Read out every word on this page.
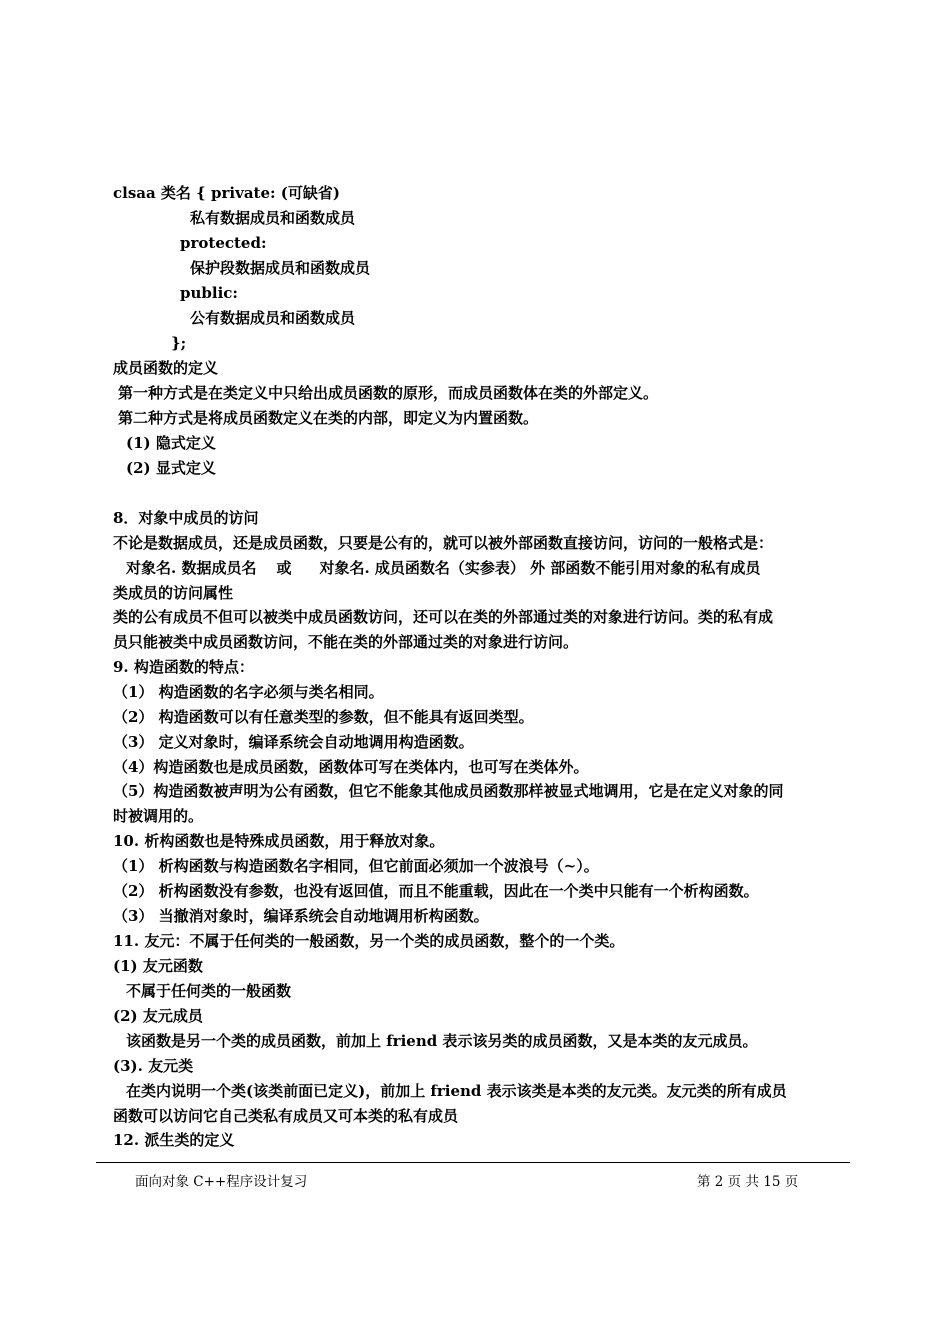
clsaa 类名 { private: (可缺省)
私有数据成员和函数成员
protected:
保护段数据成员和函数成员
public:
公有数据成员和函数成员
};
成员函数的定义
第一种方式是在类定义中只给出成员函数的原形，而成员函数体在类的外部定义。
第二种方式是将成员函数定义在类的内部，即定义为内置函数。
(1) 隐式定义
(2) 显式定义
8．对象中成员的访问
不论是数据成员，还是成员函数，只要是公有的，就可以被外部函数直接访问，访问的一般格式是：
对象名. 数据成员名 或 对象名. 成员函数名（实参表） 外 部函数不能引用对象的私有成员
类成员的访问属性
类的公有成员不但可以被类中成员函数访问，还可以在类的外部通过类的对象进行访问。类的私有成
员只能被类中成员函数访问，不能在类的外部通过类的对象进行访问。
9. 构造函数的特点：
（1） 构造函数的名字必须与类名相同。
（2） 构造函数可以有任意类型的参数，但不能具有返回类型。
（3） 定义对象时，编译系统会自动地调用构造函数。
（4）构造函数也是成员函数，函数体可写在类体内，也可写在类体外。
（5）构造函数被声明为公有函数，但它不能象其他成员函数那样被显式地调用，它是在定义对象的同
时被调用的。
10. 析构函数也是特殊成员函数，用于释放对象。
（1） 析构函数与构造函数名字相同，但它前面必须加一个波浪号（~）。
（2） 析构函数没有参数，也没有返回值，而且不能重载，因此在一个类中只能有一个析构函数。
（3） 当撤消对象时，编译系统会自动地调用析构函数。
11. 友元：不属于任何类的一般函数，另一个类的成员函数，整个的一个类。
(1) 友元函数
不属于任何类的一般函数
(2) 友元成员
该函数是另一个类的成员函数，前加上 friend 表示该另类的成员函数，又是本类的友元成员。
(3). 友元类
在类内说明一个类(该类前面已定义)，前加上 friend 表示该类是本类的友元类。友元类的所有成员
函数可以访问它自己类私有成员又可本类的私有成员
12. 派生类的定义
面向对象 C++程序设计复习	第 2 页 共 15 页
